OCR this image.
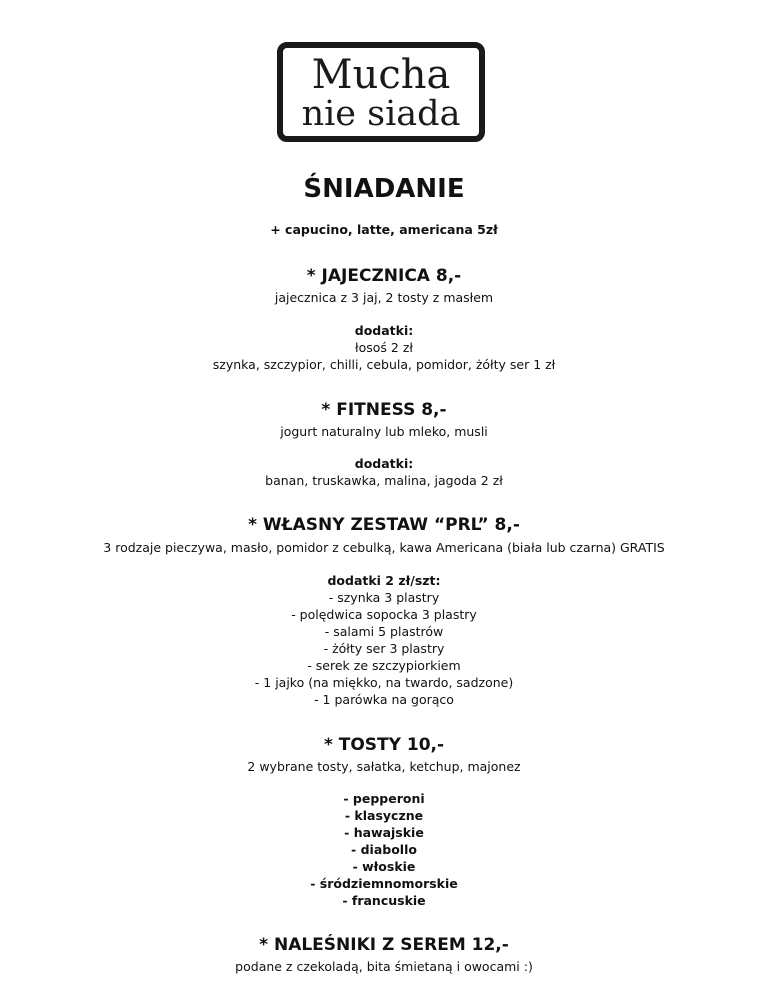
Mucha
nie siada
ŚNIADANIE
+ capucino, latte, americana 5zł
* JAJECZNICA 8,-
jajecznica z 3 jaj, 2 tosty z masłem
dodatki:
łosoś 2 zł
szynka, szczypior, chilli, cebula, pomidor, żółty ser 1 zł
* FITNESS 8,-
jogurt naturalny lub mleko, musli
dodatki:
banan, truskawka, malina, jagoda 2 zł
* WŁASNY ZESTAW “PRL” 8,-
3 rodzaje pieczywa, masło, pomidor z cebulką, kawa Americana (biała lub czarna) GRATIS
dodatki 2 zł/szt:
- szynka 3 plastry
- polędwica sopocka 3 plastry
- salami 5 plastrów
- żółty ser 3 plastry
- serek ze szczypiorkiem
- 1 jajko (na miękko, na twardo, sadzone)
- 1 parówka na gorąco
* TOSTY 10,-
2 wybrane tosty, sałatka, ketchup, majonez
- pepperoni
- klasyczne
- hawajskie
- diabollo
- włoskie
- śródziemnomorskie
- francuskie
* NALEŚNIKI Z SEREM 12,-
podane z czekoladą, bita śmietaną i owocami :)
